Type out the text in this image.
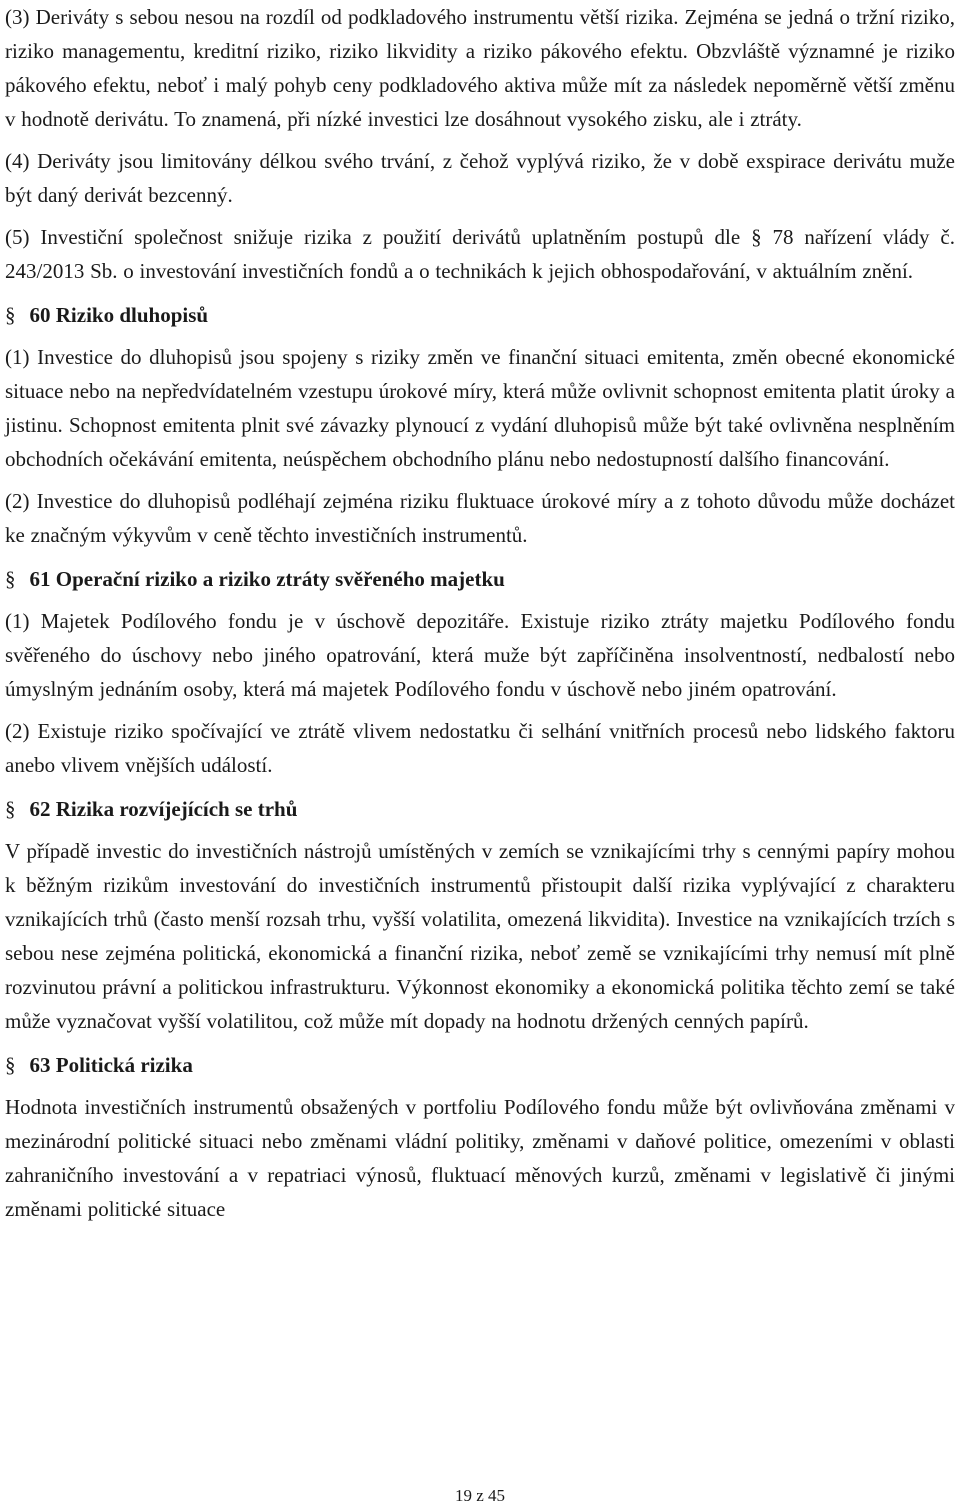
(3) Deriváty s sebou nesou na rozdíl od podkladového instrumentu větší rizika. Zejména se jedná o tržní riziko, riziko managementu, kreditní riziko, riziko likvidity a riziko pákového efektu. Obzvláště významné je riziko pákového efektu, neboť i malý pohyb ceny podkladového aktiva může mít za následek nepoměrně větší změnu v hodnotě derivátu. To znamená, při nízké investici lze dosáhnout vysokého zisku, ale i ztráty.

(4) Deriváty jsou limitovány délkou svého trvání, z čehož vyplývá riziko, že v době exspirace derivátu muže být daný derivát bezcenný.

(5) Investiční společnost snižuje rizika z použití derivátů uplatněním postupů dle § 78 nařízení vlády č. 243/2013 Sb. o investování investičních fondů a o technikách k jejich obhospodařování, v aktuálním znění.

§ 60 Riziko dluhopisů

(1) Investice do dluhopisů jsou spojeny s riziky změn ve finanční situaci emitenta, změn obecné ekonomické situace nebo na nepředvídatelném vzestupu úrokové míry, která může ovlivnit schopnost emitenta platit úroky a jistinu. Schopnost emitenta plnit své závazky plynoucí z vydání dluhopisů může být také ovlivněna nesplněním obchodních očekávání emitenta, neúspěchem obchodního plánu nebo nedostupností dalšího financování.

(2) Investice do dluhopisů podléhají zejména riziku fluktuace úrokové míry a z tohoto důvodu může docházet ke značným výkyvům v ceně těchto investičních instrumentů.

§ 61 Operační riziko a riziko ztráty svěřeného majetku

(1) Majetek Podílového fondu je v úschově depozitáře. Existuje riziko ztráty majetku Podílového fondu svěřeného do úschovy nebo jiného opatrování, která muže být zapříčiněna insolventností, nedbalostí nebo úmyslným jednáním osoby, která má majetek Podílového fondu v úschově nebo jiném opatrování.

(2) Existuje riziko spočívající ve ztrátě vlivem nedostatku či selhání vnitřních procesů nebo lidského faktoru anebo vlivem vnějších událostí.

§ 62 Rizika rozvíjejících se trhů

V případě investic do investičních nástrojů umístěných v zemích se vznikajícími trhy s cennými papíry mohou k běžným rizikům investování do investičních instrumentů přistoupit další rizika vyplývající z charakteru vznikajících trhů (často menší rozsah trhu, vyšší volatilita, omezená likvidita). Investice na vznikajících trzích s sebou nese zejména politická, ekonomická a finanční rizika, neboť země se vznikajícími trhy nemusí mít plně rozvinutou právní a politickou infrastrukturu. Výkonnost ekonomiky a ekonomická politika těchto zemí se také může vyznačovat vyšší volatilitou, což může mít dopady na hodnotu držených cenných papírů.

§ 63 Politická rizika

Hodnota investičních instrumentů obsažených v portfoliu Podílového fondu může být ovlivňována změnami v mezinárodní politické situaci nebo změnami vládní politiky, změnami v daňové politice, omezeními v oblasti zahraničního investování a v repatriaci výnosů, fluktuací měnových kurzů, změnami v legislativě či jinými změnami politické situace

19 z 45
